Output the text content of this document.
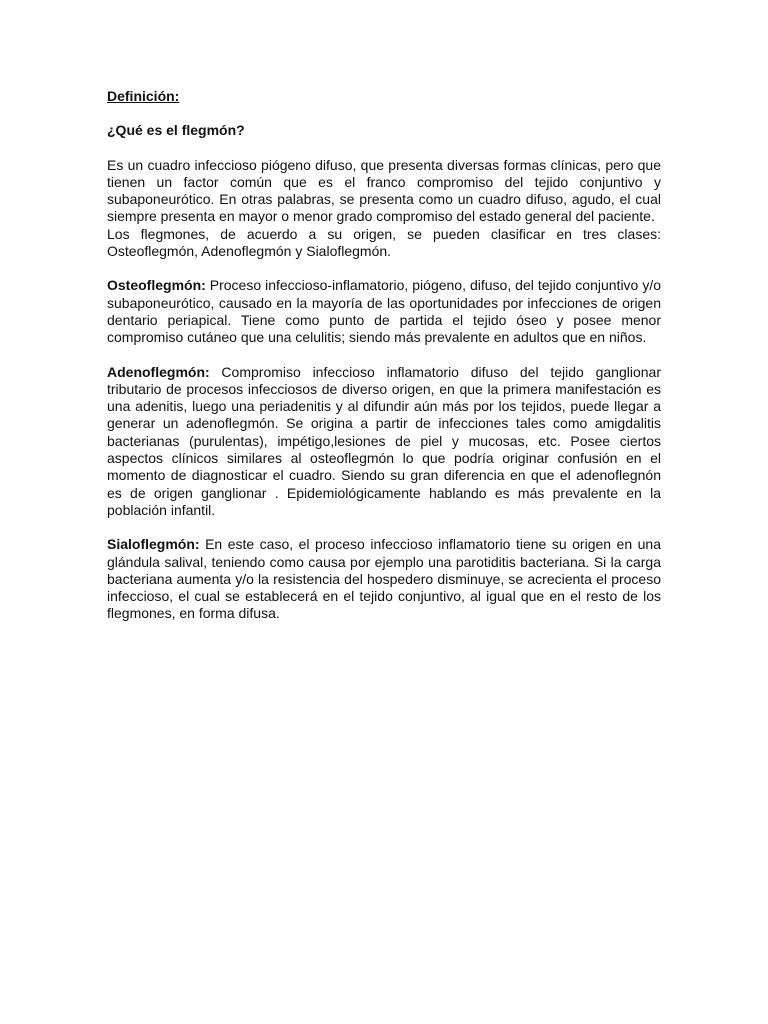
Definición:
¿Qué es el flegmón?

Es un cuadro infeccioso piógeno difuso, que presenta diversas formas clínicas, pero que tienen un factor común que es el franco compromiso del tejido conjuntivo y subaponeurótico. En otras palabras, se presenta como un cuadro difuso, agudo, el cual siempre presenta en mayor o menor grado compromiso del estado general del paciente.

Los flegmones, de acuerdo a su origen, se pueden clasificar en tres clases: Osteoflegmón, Adenoflegmón y Sialoflegmón.

Osteoflegmón: Proceso infeccioso-inflamatorio, piógeno, difuso, del tejido conjuntivo y/o subaponeurótico, causado en la mayoría de las oportunidades por infecciones de origen dentario periapical. Tiene como punto de partida el tejido óseo y posee menor compromiso cutáneo que una celulitis; siendo más prevalente en adultos que en niños.

Adenoflegmón: Compromiso infeccioso inflamatorio difuso del tejido ganglionar tributario de procesos infecciosos de diverso origen, en que la primera manifestación es una adenitis, luego una periadenitis y al difundir aún más por los tejidos, puede llegar a generar un adenoflegmón. Se origina a partir de infecciones tales como amigdalitis bacterianas (purulentas), impétigo,lesiones de piel y mucosas, etc. Posee ciertos aspectos clínicos similares al osteoflegmón lo que podría originar confusión en el momento de diagnosticar el cuadro. Siendo su gran diferencia en que el adenoflegnón es de origen ganglionar . Epidemiológicamente hablando es más prevalente en la población infantil.

Sialoflegmón: En este caso, el proceso infeccioso inflamatorio tiene su origen en una glándula salival, teniendo como causa por ejemplo una parotiditis bacteriana. Si la carga bacteriana aumenta y/o la resistencia del hospedero disminuye, se acrecienta el proceso infeccioso, el cual se establecerá en el tejido conjuntivo, al igual que en el resto de los flegmones, en forma difusa.
